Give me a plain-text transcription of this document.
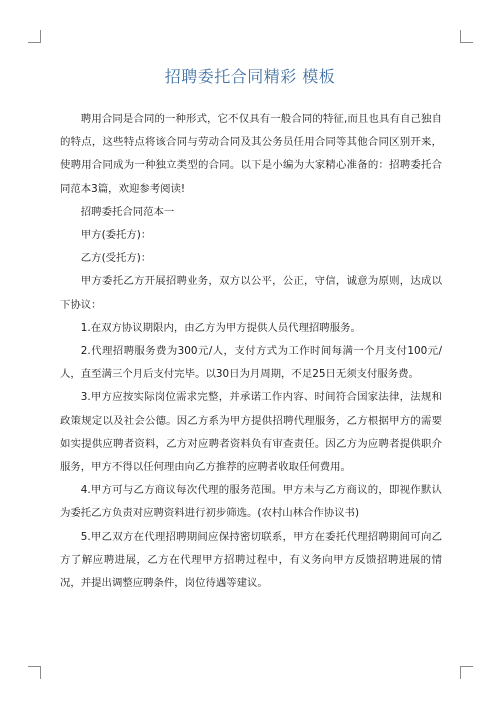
招聘委托合同精彩 模板

聘用合同是合同的一种形式，它不仅具有一般合同的特征,而且也具有自己独自的特点，这些特点将该合同与劳动合同及其公务员任用合同等其他合同区别开来，使聘用合同成为一种独立类型的合同。以下是小编为大家精心准备的：招聘委托合同范本3篇，欢迎参考阅读!

招聘委托合同范本一

甲方(委托方)：

乙方(受托方)：

甲方委托乙方开展招聘业务，双方以公平，公正，守信，诚意为原则，达成以下协议：

1.在双方协议期限内，由乙方为甲方提供人员代理招聘服务。

2.代理招聘服务费为300元/人，支付方式为工作时间每满一个月支付100元/人，直至满三个月后支付完毕。以30日为月周期，不足25日无须支付服务费。

3.甲方应按实际岗位需求完整，并承诺工作内容、时间符合国家法律，法规和政策规定以及社会公德。因乙方系为甲方提供招聘代理服务，乙方根据甲方的需要如实提供应聘者资料，乙方对应聘者资料负有审查责任。因乙方为应聘者提供职介服务，甲方不得以任何理由向乙方推荐的应聘者收取任何费用。

4.甲方可与乙方商议每次代理的服务范围。甲方未与乙方商议的，即视作默认为委托乙方负责对应聘资料进行初步筛选。(农村山林合作协议书)

5.甲乙双方在代理招聘期间应保持密切联系，甲方在委托代理招聘期间可向乙方了解应聘进展，乙方在代理甲方招聘过程中，有义务向甲方反馈招聘进展的情况，并提出调整应聘条件，岗位待遇等建议。
